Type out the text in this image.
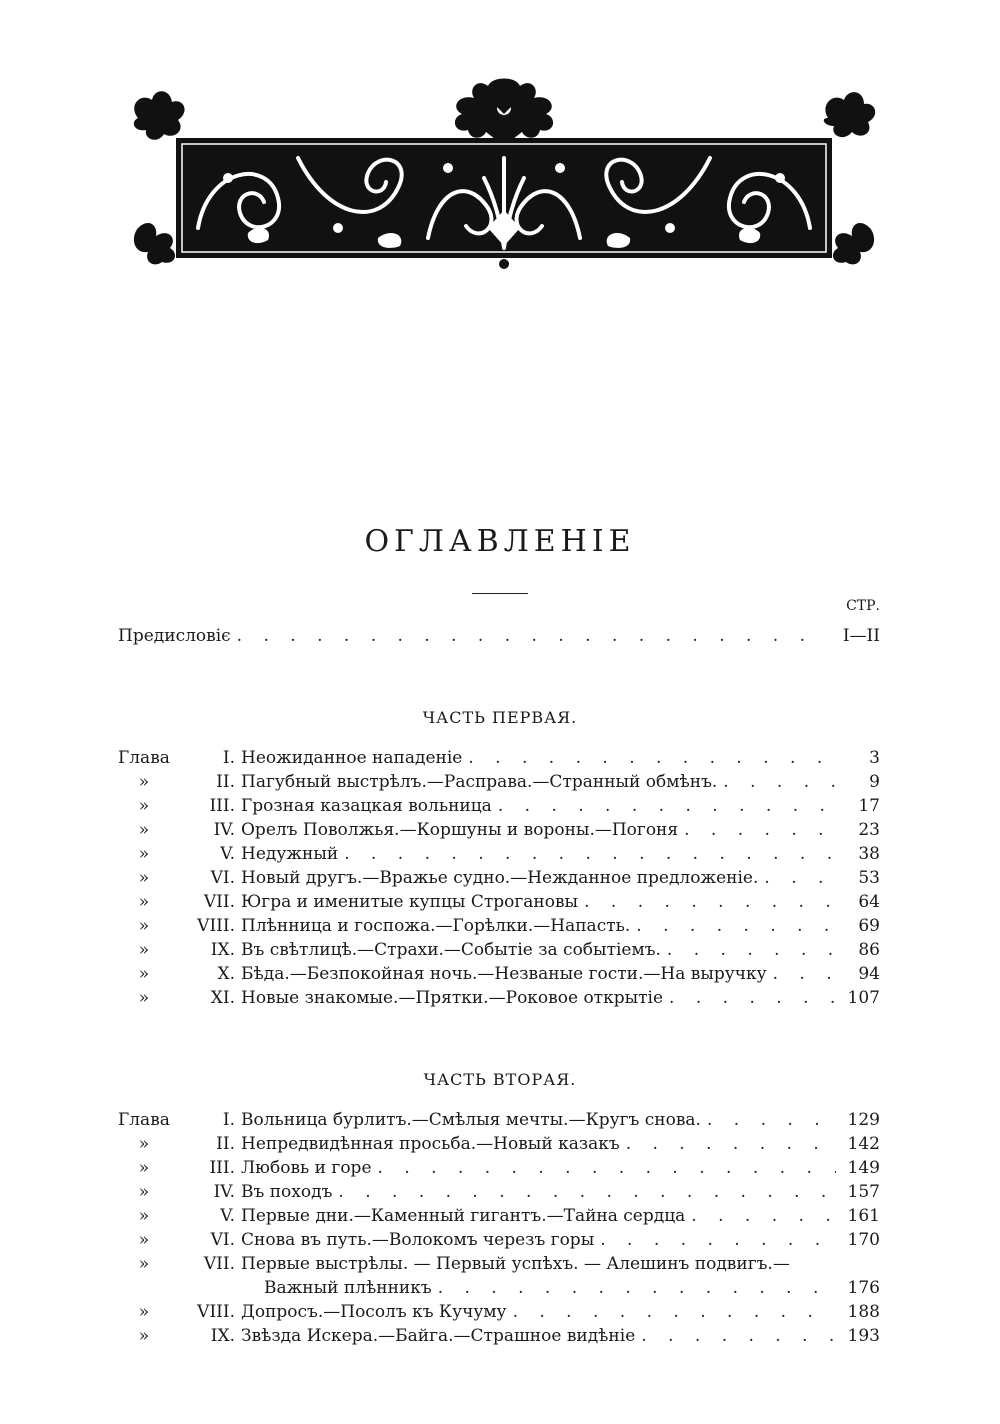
ОГЛАВЛЕНІЕ
СТР.
Предисловіє . . .	I—II
ЧАСТЬ ПЕРВАЯ.
Глава	I. Неожиданное нападеніе . . .	3
»	II. Пагубный выстрѣлъ.—Расправа.—Странный обмѣнъ. . . .	9
»	III. Грозная казацкая вольница . . .	17
»	IV. Орелъ Поволжья.—Коршуны и вороны.—Погоня . . .	23
»	V. Недужный . . .	38
»	VI. Новый другъ.—Вражье судно.—Нежданное предложеніе. . . .	53
»	VII. Югра и именитые купцы Строгановы . . .	64
»	VIII. Плѣнница и госпожа.—Горѣлки.—Напасть. . . .	69
»	IX. Въ свѣтлицѣ.—Страхи.—Событіе за событіемъ. . . .	86
»	X. Бѣда.—Безпокойная ночь.—Незваные гости.—На выручку . . .	94
»	XI. Новые знакомые.—Прятки.—Роковое открытіе . . .	107
ЧАСТЬ ВТОРАЯ.
Глава	I. Вольница бурлитъ.—Смѣлыя мечты.—Кругъ снова. . . .	129
»	II. Непредвидѣнная просьба.—Новый казакъ . . .	142
»	III. Любовь и горе . . .	149
»	IV. Въ походъ . . .	157
»	V. Первые дни.—Каменный гигантъ.—Тайна сердца . . .	161
»	VI. Снова въ путь.—Волокомъ черезъ горы . . .	170
»	VII. Первые выстрѣлы. — Первый успѣхъ. — Алешинъ подвигъ.—
Важный плѣнникъ . . .	176
»	VIII. Допросъ.—Посолъ къ Кучуму . . .	188
»	IX. Звѣзда Искера.—Байга.—Страшное видѣніе . . .	193
